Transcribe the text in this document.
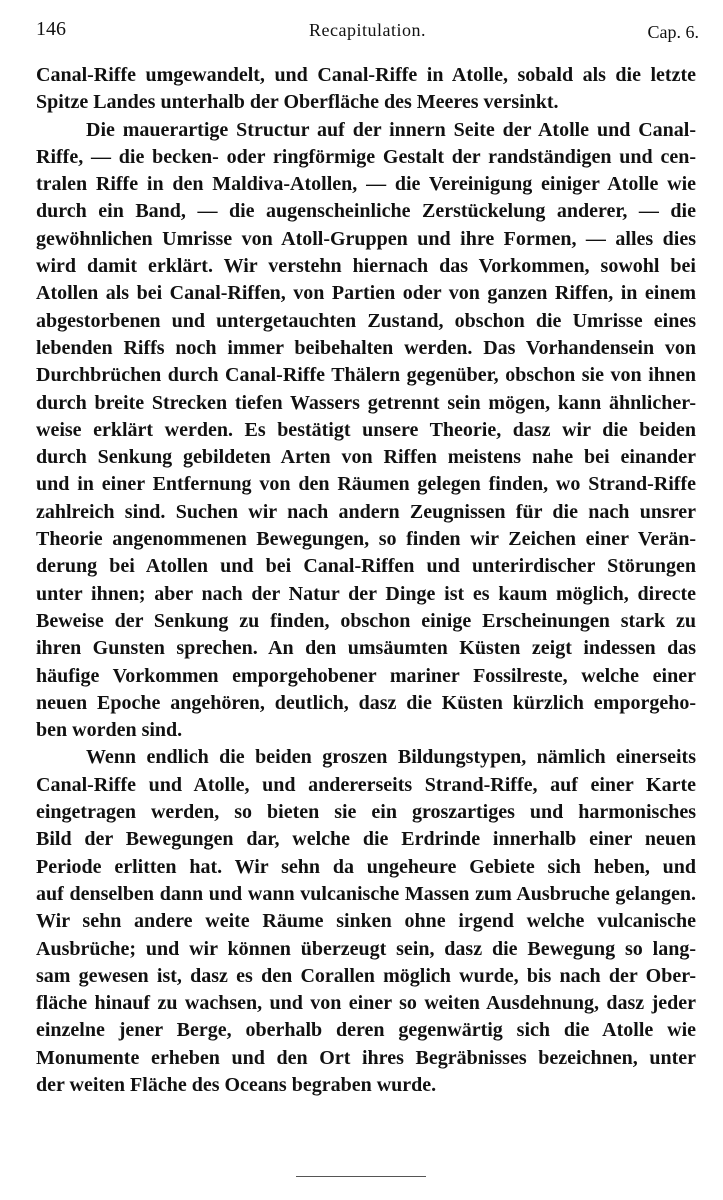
146	Recapitulation.	Cap. 6.

Canal-Riffe umgewandelt, und Canal-Riffe in Atolle, sobald als die letzte
Spitze Landes unterhalb der Oberfläche des Meeres versinkt.

Die mauerartige Structur auf der innern Seite der Atolle und Canal-
Riffe, — die becken- oder ringförmige Gestalt der randständigen und cen-
tralen Riffe in den Maldiva-Atollen, — die Vereinigung einiger Atolle wie
durch ein Band, — die augenscheinliche Zerstückelung anderer, — die
gewöhnlichen Umrisse von Atoll-Gruppen und ihre Formen, — alles dies
wird damit erklärt. Wir verstehn hiernach das Vorkommen, sowohl bei
Atollen als bei Canal-Riffen, von Partien oder von ganzen Riffen, in einem
abgestorbenen und untergetauchten Zustand, obschon die Umrisse eines
lebenden Riffs noch immer beibehalten werden. Das Vorhandensein von
Durchbrüchen durch Canal-Riffe Thälern gegenüber, obschon sie von ihnen
durch breite Strecken tiefen Wassers getrennt sein mögen, kann ähnlicher-
weise erklärt werden. Es bestätigt unsere Theorie, dasz wir die beiden
durch Senkung gebildeten Arten von Riffen meistens nahe bei einander
und in einer Entfernung von den Räumen gelegen finden, wo Strand-Riffe
zahlreich sind. Suchen wir nach andern Zeugnissen für die nach unsrer
Theorie angenommenen Bewegungen, so finden wir Zeichen einer Verän-
derung bei Atollen und bei Canal-Riffen und unterirdischer Störungen
unter ihnen; aber nach der Natur der Dinge ist es kaum möglich, directe
Beweise der Senkung zu finden, obschon einige Erscheinungen stark zu
ihren Gunsten sprechen. An den umsäumten Küsten zeigt indessen das
häufige Vorkommen emporgehobener mariner Fossilreste, welche einer
neuen Epoche angehören, deutlich, dasz die Küsten kürzlich emporgeho-
ben worden sind.

Wenn endlich die beiden groszen Bildungstypen, nämlich einerseits
Canal-Riffe und Atolle, und andererseits Strand-Riffe, auf einer Karte
eingetragen werden, so bieten sie ein groszartiges und harmonisches
Bild der Bewegungen dar, welche die Erdrinde innerhalb einer neuen
Periode erlitten hat. Wir sehn da ungeheure Gebiete sich heben, und
auf denselben dann und wann vulcanische Massen zum Ausbruche gelangen.
Wir sehn andere weite Räume sinken ohne irgend welche vulcanische
Ausbrüche; und wir können überzeugt sein, dasz die Bewegung so lang-
sam gewesen ist, dasz es den Corallen möglich wurde, bis nach der Ober-
fläche hinauf zu wachsen, und von einer so weiten Ausdehnung, dasz jeder
einzelne jener Berge, oberhalb deren gegenwärtig sich die Atolle wie
Monumente erheben und den Ort ihres Begräbnisses bezeichnen, unter
der weiten Fläche des Oceans begraben wurde.
